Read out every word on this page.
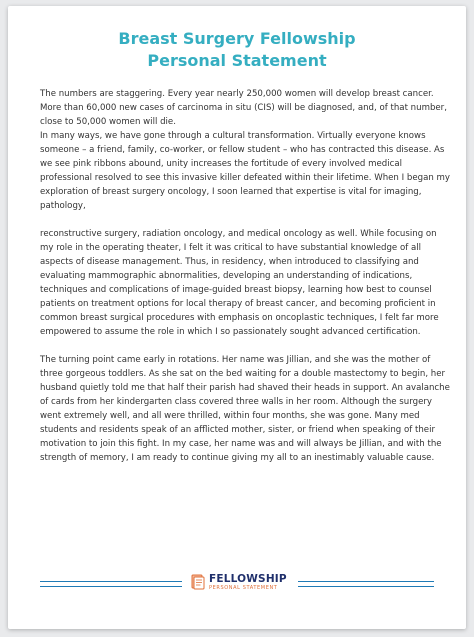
Breast Surgery Fellowship
Personal Statement

The numbers are staggering. Every year nearly 250,000 women will develop breast cancer. More than 60,000 new cases of carcinoma in situ (CIS) will be diagnosed, and, of that number, close to 50,000 women will die.

In many ways, we have gone through a cultural transformation. Virtually everyone knows someone – a friend, family, co-worker, or fellow student – who has contracted this disease. As we see pink ribbons abound, unity increases the fortitude of every involved medical professional resolved to see this invasive killer defeated within their lifetime. When I began my exploration of breast surgery oncology, I soon learned that expertise is vital for imaging, pathology,

reconstructive surgery, radiation oncology, and medical oncology as well. While focusing on my role in the operating theater, I felt it was critical to have substantial knowledge of all aspects of disease management. Thus, in residency, when introduced to classifying and evaluating mammographic abnormalities, developing an understanding of indications, techniques and complications of image-guided breast biopsy, learning how best to counsel patients on treatment options for local therapy of breast cancer, and becoming proficient in common breast surgical procedures with emphasis on oncoplastic techniques, I felt far more empowered to assume the role in which I so passionately sought advanced certification.

The turning point came early in rotations. Her name was Jillian, and she was the mother of three gorgeous toddlers. As she sat on the bed waiting for a double mastectomy to begin, her husband quietly told me that half their parish had shaved their heads in support. An avalanche of cards from her kindergarten class covered three walls in her room. Although the surgery went extremely well, and all were thrilled, within four months, she was gone. Many med students and residents speak of an afflicted mother, sister, or friend when speaking of their motivation to join this fight. In my case, her name was and will always be Jillian, and with the strength of memory, I am ready to continue giving my all to an inestimably valuable cause.

FELLOWSHIP
PERSONAL STATEMENT
